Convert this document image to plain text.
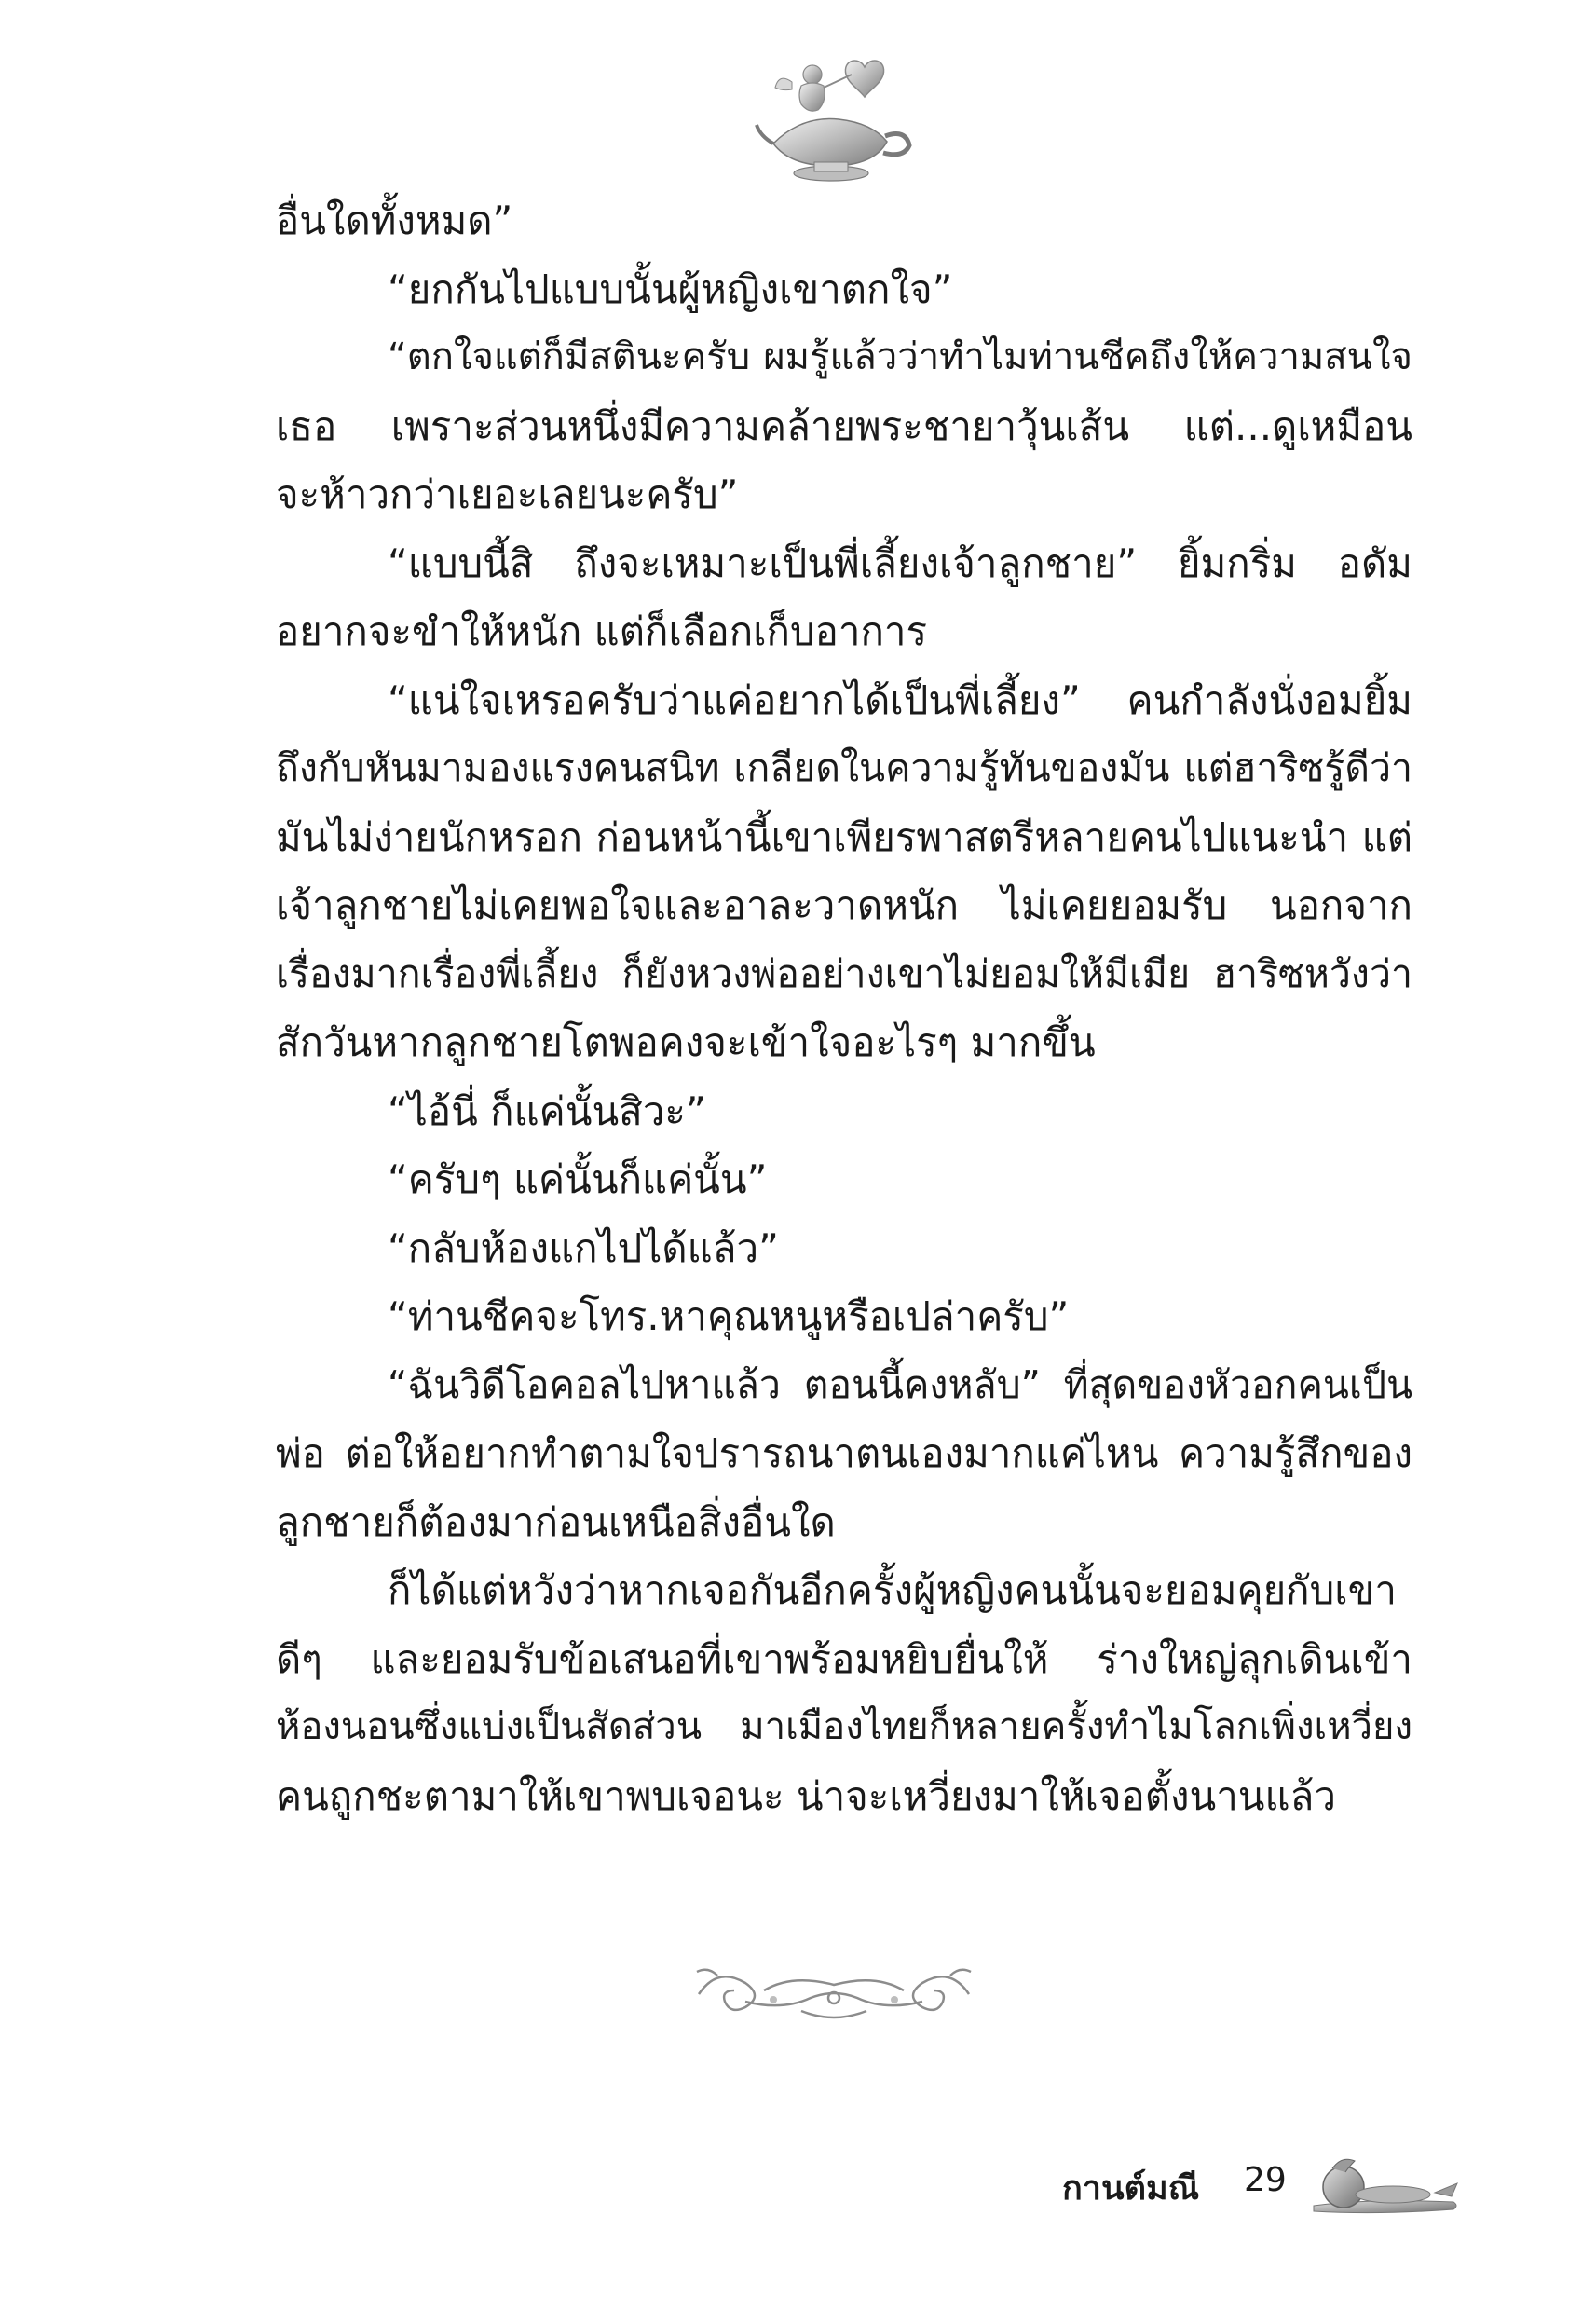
อื่นใดทั้งหมด”
“ยกกันไปแบบนั้นผู้หญิงเขาตกใจ”
“ตกใจแต่ก็มีสตินะครับ ผมรู้แล้วว่าทำไมท่านชีคถึงให้ความสนใจ
เธอ เพราะส่วนหนึ่งมีความคล้ายพระชายาวุ้นเส้น แต่...ดูเหมือน
จะห้าวกว่าเยอะเลยนะครับ”
“แบบนี้สิ ถึงจะเหมาะเป็นพี่เลี้ยงเจ้าลูกชาย” ยิ้มกริ่ม อดัม
อยากจะขำให้หนัก แต่ก็เลือกเก็บอาการ
“แน่ใจเหรอครับว่าแค่อยากได้เป็นพี่เลี้ยง” คนกำลังนั่งอมยิ้ม
ถึงกับหันมามองแรงคนสนิท เกลียดในความรู้ทันของมัน แต่ฮาริซรู้ดีว่า
มันไม่ง่ายนักหรอก ก่อนหน้านี้เขาเพียรพาสตรีหลายคนไปแนะนำ แต่
เจ้าลูกชายไม่เคยพอใจและอาละวาดหนัก ไม่เคยยอมรับ นอกจาก
เรื่องมากเรื่องพี่เลี้ยง ก็ยังหวงพ่ออย่างเขาไม่ยอมให้มีเมีย ฮาริซหวังว่า
สักวันหากลูกชายโตพอคงจะเข้าใจอะไรๆ มากขึ้น
“ไอ้นี่ ก็แค่นั้นสิวะ”
“ครับๆ แค่นั้นก็แค่นั้น”
“กลับห้องแกไปได้แล้ว”
“ท่านชีคจะโทร.หาคุณหนูหรือเปล่าครับ”
“ฉันวิดีโอคอลไปหาแล้ว ตอนนี้คงหลับ” ที่สุดของหัวอกคนเป็น
พ่อ ต่อให้อยากทำตามใจปรารถนาตนเองมากแค่ไหน ความรู้สึกของ
ลูกชายก็ต้องมาก่อนเหนือสิ่งอื่นใด
ก็ได้แต่หวังว่าหากเจอกันอีกครั้งผู้หญิงคนนั้นจะยอมคุยกับเขา
ดีๆ และยอมรับข้อเสนอที่เขาพร้อมหยิบยื่นให้ ร่างใหญ่ลุกเดินเข้า
ห้องนอนซึ่งแบ่งเป็นสัดส่วน มาเมืองไทยก็หลายครั้งทำไมโลกเพิ่งเหวี่ยง
คนถูกชะตามาให้เขาพบเจอนะ น่าจะเหวี่ยงมาให้เจอตั้งนานแล้ว
กานต์มณี 29
